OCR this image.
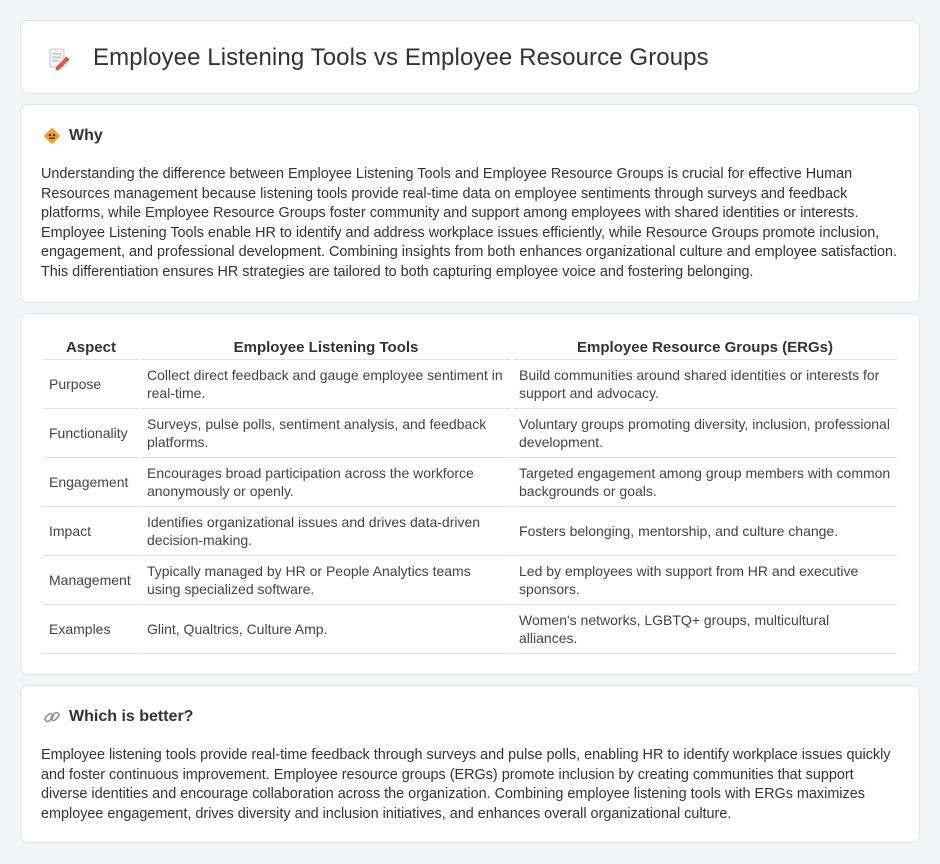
Employee Listening Tools vs Employee Resource Groups
Why

Understanding the difference between Employee Listening Tools and Employee Resource Groups is crucial for effective Human Resources management because listening tools provide real-time data on employee sentiments through surveys and feedback platforms, while Employee Resource Groups foster community and support among employees with shared identities or interests. Employee Listening Tools enable HR to identify and address workplace issues efficiently, while Resource Groups promote inclusion, engagement, and professional development. Combining insights from both enhances organizational culture and employee satisfaction. This differentiation ensures HR strategies are tailored to both capturing employee voice and fostering belonging.

Aspect	Employee Listening Tools	Employee Resource Groups (ERGs)
Purpose	Collect direct feedback and gauge employee sentiment in real-time.	Build communities around shared identities or interests for support and advocacy.
Functionality	Surveys, pulse polls, sentiment analysis, and feedback platforms.	Voluntary groups promoting diversity, inclusion, professional development.
Engagement	Encourages broad participation across the workforce anonymously or openly.	Targeted engagement among group members with common backgrounds or goals.
Impact	Identifies organizational issues and drives data-driven decision-making.	Fosters belonging, mentorship, and culture change.
Management	Typically managed by HR or People Analytics teams using specialized software.	Led by employees with support from HR and executive sponsors.
Examples	Glint, Qualtrics, Culture Amp.	Women's networks, LGBTQ+ groups, multicultural alliances.
Which is better?

Employee listening tools provide real-time feedback through surveys and pulse polls, enabling HR to identify workplace issues quickly and foster continuous improvement. Employee resource groups (ERGs) promote inclusion by creating communities that support diverse identities and encourage collaboration across the organization. Combining employee listening tools with ERGs maximizes employee engagement, drives diversity and inclusion initiatives, and enhances overall organizational culture.
